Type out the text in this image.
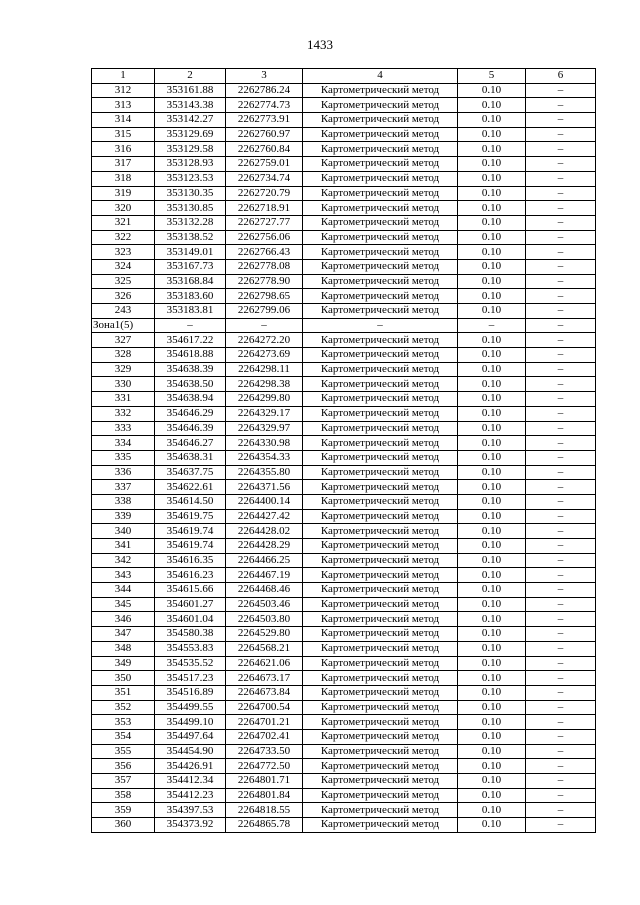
1433
1	2	3	4	5	6
312	353161.88	2262786.24	Картометрический метод	0.10	–
313	353143.38	2262774.73	Картометрический метод	0.10	–
314	353142.27	2262773.91	Картометрический метод	0.10	–
315	353129.69	2262760.97	Картометрический метод	0.10	–
316	353129.58	2262760.84	Картометрический метод	0.10	–
317	353128.93	2262759.01	Картометрический метод	0.10	–
318	353123.53	2262734.74	Картометрический метод	0.10	–
319	353130.35	2262720.79	Картометрический метод	0.10	–
320	353130.85	2262718.91	Картометрический метод	0.10	–
321	353132.28	2262727.77	Картометрический метод	0.10	–
322	353138.52	2262756.06	Картометрический метод	0.10	–
323	353149.01	2262766.43	Картометрический метод	0.10	–
324	353167.73	2262778.08	Картометрический метод	0.10	–
325	353168.84	2262778.90	Картометрический метод	0.10	–
326	353183.60	2262798.65	Картометрический метод	0.10	–
243	353183.81	2262799.06	Картометрический метод	0.10	–
Зона1(5)	–	–	–	–	–
327	354617.22	2264272.20	Картометрический метод	0.10	–
328	354618.88	2264273.69	Картометрический метод	0.10	–
329	354638.39	2264298.11	Картометрический метод	0.10	–
330	354638.50	2264298.38	Картометрический метод	0.10	–
331	354638.94	2264299.80	Картометрический метод	0.10	–
332	354646.29	2264329.17	Картометрический метод	0.10	–
333	354646.39	2264329.97	Картометрический метод	0.10	–
334	354646.27	2264330.98	Картометрический метод	0.10	–
335	354638.31	2264354.33	Картометрический метод	0.10	–
336	354637.75	2264355.80	Картометрический метод	0.10	–
337	354622.61	2264371.56	Картометрический метод	0.10	–
338	354614.50	2264400.14	Картометрический метод	0.10	–
339	354619.75	2264427.42	Картометрический метод	0.10	–
340	354619.74	2264428.02	Картометрический метод	0.10	–
341	354619.74	2264428.29	Картометрический метод	0.10	–
342	354616.35	2264466.25	Картометрический метод	0.10	–
343	354616.23	2264467.19	Картометрический метод	0.10	–
344	354615.66	2264468.46	Картометрический метод	0.10	–
345	354601.27	2264503.46	Картометрический метод	0.10	–
346	354601.04	2264503.80	Картометрический метод	0.10	–
347	354580.38	2264529.80	Картометрический метод	0.10	–
348	354553.83	2264568.21	Картометрический метод	0.10	–
349	354535.52	2264621.06	Картометрический метод	0.10	–
350	354517.23	2264673.17	Картометрический метод	0.10	–
351	354516.89	2264673.84	Картометрический метод	0.10	–
352	354499.55	2264700.54	Картометрический метод	0.10	–
353	354499.10	2264701.21	Картометрический метод	0.10	–
354	354497.64	2264702.41	Картометрический метод	0.10	–
355	354454.90	2264733.50	Картометрический метод	0.10	–
356	354426.91	2264772.50	Картометрический метод	0.10	–
357	354412.34	2264801.71	Картометрический метод	0.10	–
358	354412.23	2264801.84	Картометрический метод	0.10	–
359	354397.53	2264818.55	Картометрический метод	0.10	–
360	354373.92	2264865.78	Картометрический метод	0.10	–
